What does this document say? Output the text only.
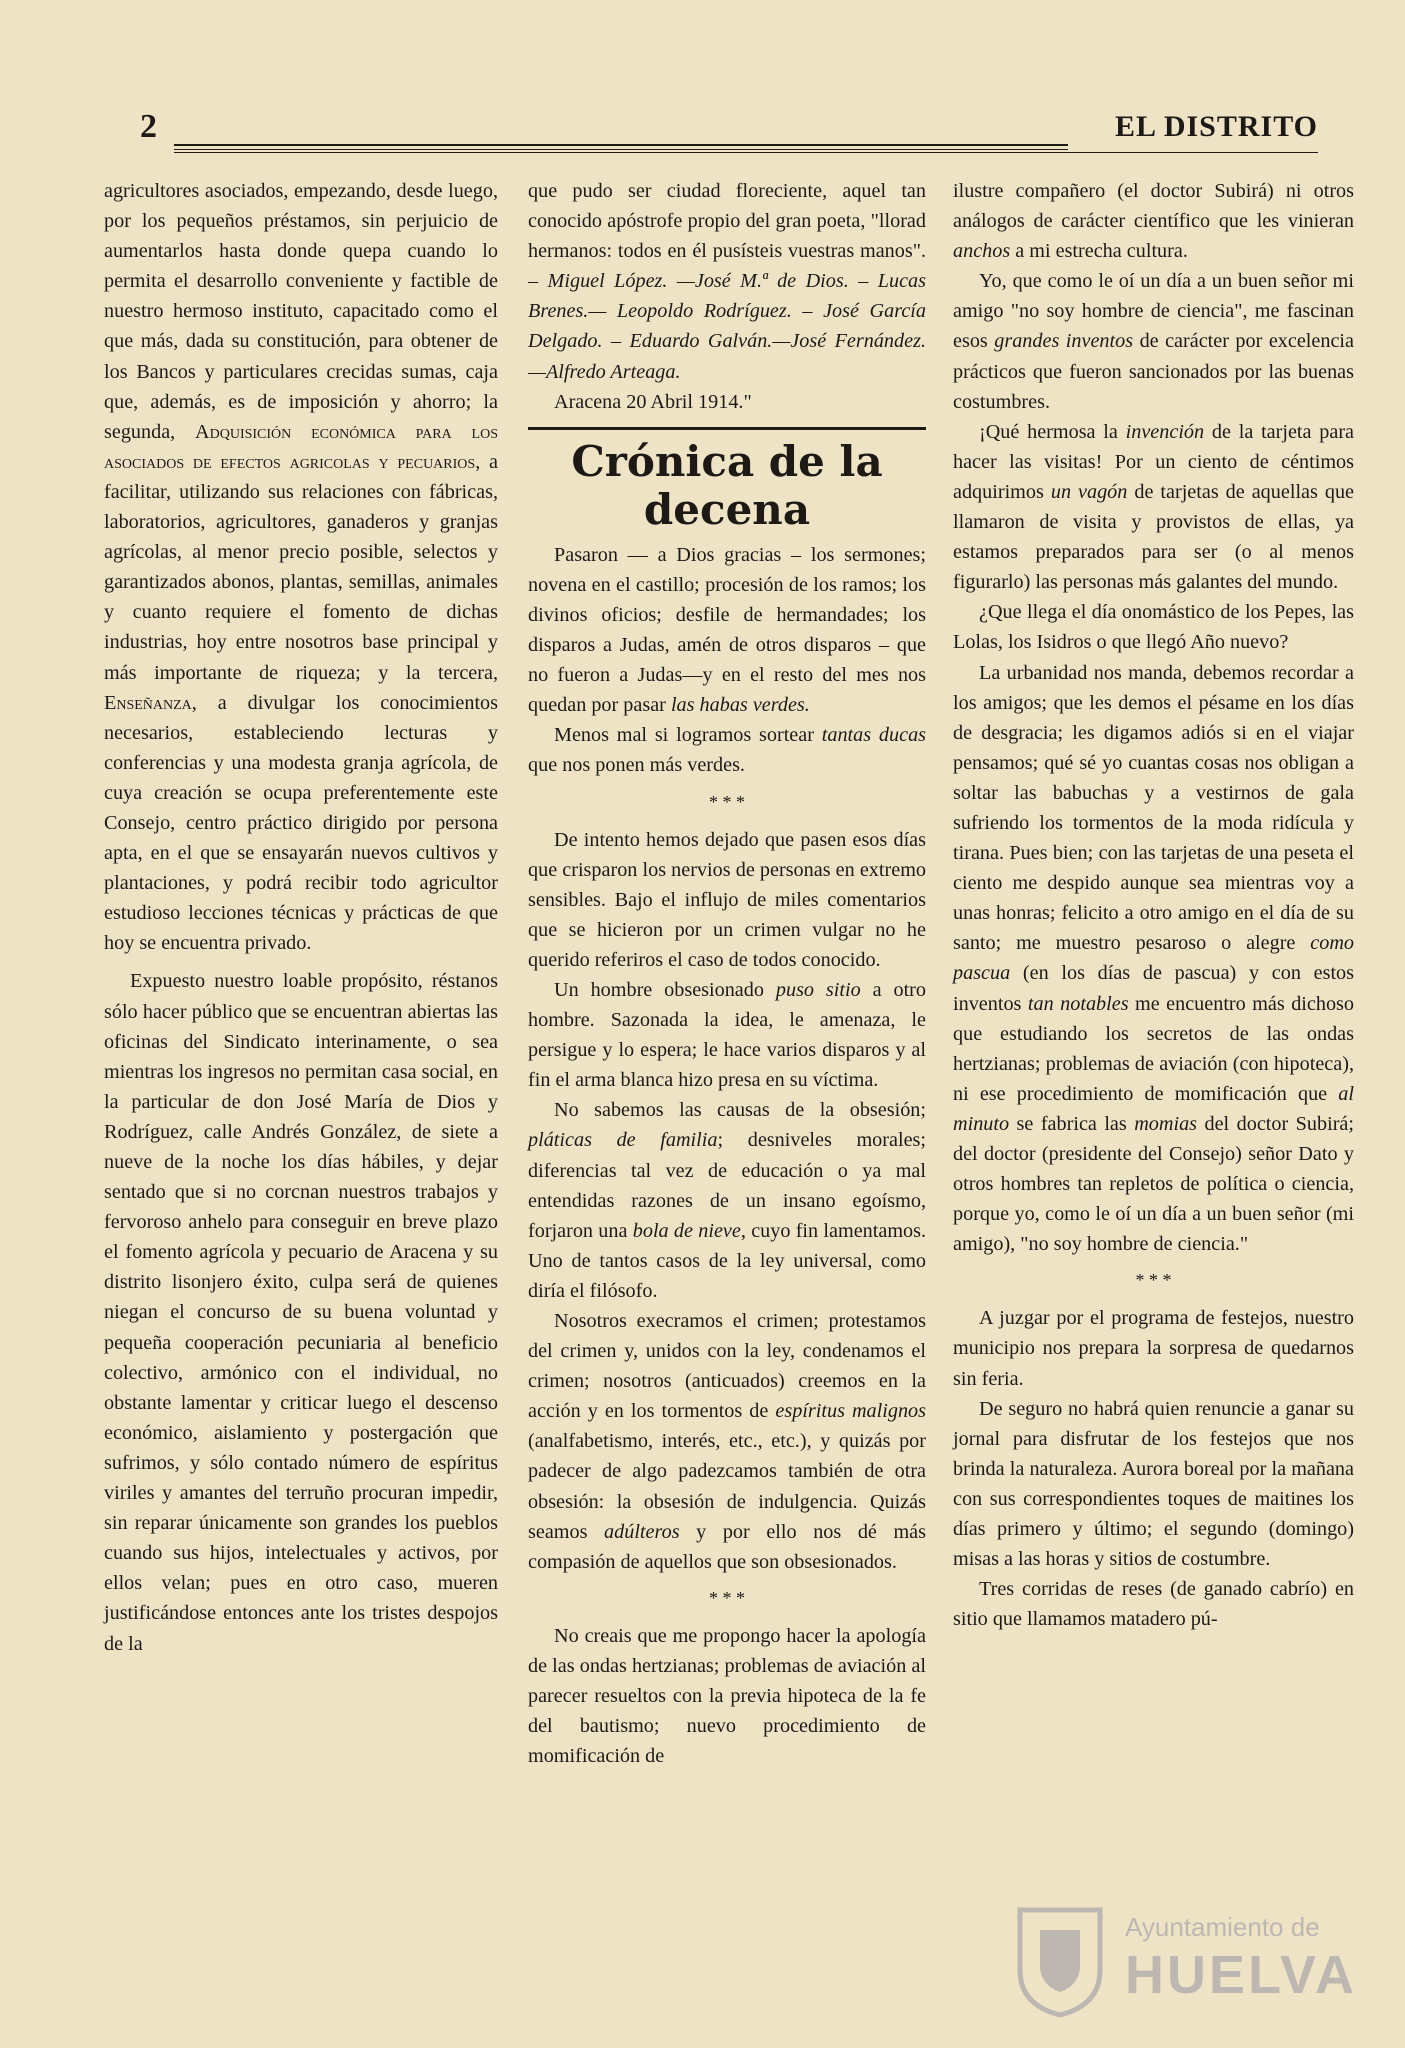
2	EL DISTRITO

agricultores asociados, empezando, desde luego, por los pequeños préstamos, sin perjuicio de aumentarlos hasta donde quepa cuando lo permita el desarrollo conveniente y factible de nuestro hermoso instituto, capacitado como el que más, dada su constitución, para obtener de los Bancos y particulares crecidas sumas, caja que, además, es de imposición y ahorro; la segunda, Adquisición económica para los asociados de efectos agricolas y pecuarios, a facilitar, utilizando sus relaciones con fábricas, laboratorios, agricultores, ganaderos y granjas agrícolas, al menor precio posible, selectos y garantizados abonos, plantas, semillas, animales y cuanto requiere el fomento de dichas industrias, hoy entre nosotros base principal y más importante de riqueza; y la tercera, Enseñanza, a divulgar los conocimientos necesarios, estableciendo lecturas y conferencias y una modesta granja agrícola, de cuya creación se ocupa preferentemente este Consejo, centro práctico dirigido por persona apta, en el que se ensayarán nuevos cultivos y plantaciones, y podrá recibir todo agricultor estudioso lecciones técnicas y prácticas de que hoy se encuentra privado.

Expuesto nuestro loable propósito, réstanos sólo hacer público que se encuentran abiertas las oficinas del Sindicato interinamente, o sea mientras los ingresos no permitan casa social, en la particular de don José María de Dios y Rodríguez, calle Andrés González, de siete a nueve de la noche los días hábiles, y dejar sentado que si no corcnan nuestros trabajos y fervoroso anhelo para conseguir en breve plazo el fomento agrícola y pecuario de Aracena y su distrito lisonjero éxito, culpa será de quienes niegan el concurso de su buena voluntad y pequeña cooperación pecuniaria al beneficio colectivo, armónico con el individual, no obstante lamentar y criticar luego el descenso económico, aislamiento y postergación que sufrimos, y sólo contado número de espíritus viriles y amantes del terruño procuran impedir, sin reparar únicamente son grandes los pueblos cuando sus hijos, intelectuales y activos, por ellos velan; pues en otro caso, mueren justificándose entonces ante los tristes despojos de la

que pudo ser ciudad floreciente, aquel tan conocido apóstrofe propio del gran poeta, "llorad hermanos: todos en él pusísteis vuestras manos". – Miguel López. —José M.ª de Dios. – Lucas Brenes.— Leopoldo Rodríguez. – José García Delgado. – Eduardo Galván.—José Fernández.—Alfredo Arteaga.

Aracena 20 Abril 1914."

Crónica de la decena

Pasaron — a Dios gracias – los sermones; novena en el castillo; procesión de los ramos; los divinos oficios; desfile de hermandades; los disparos a Judas, amén de otros disparos – que no fueron a Judas—y en el resto del mes nos quedan por pasar las habas verdes.

Menos mal si logramos sortear tantas ducas que nos ponen más verdes.

* * *

De intento hemos dejado que pasen esos días que crisparon los nervios de personas en extremo sensibles. Bajo el influjo de miles comentarios que se hicieron por un crimen vulgar no he querido referiros el caso de todos conocido.

Un hombre obsesionado puso sitio a otro hombre. Sazonada la idea, le amenaza, le persigue y lo espera; le hace varios disparos y al fin el arma blanca hizo presa en su víctima.

No sabemos las causas de la obsesión; pláticas de familia; desniveles morales; diferencias tal vez de educación o ya mal entendidas razones de un insano egoísmo, forjaron una bola de nieve, cuyo fin lamentamos. Uno de tantos casos de la ley universal, como diría el filósofo.

Nosotros execramos el crimen; protestamos del crimen y, unidos con la ley, condenamos el crimen; nosotros (anticuados) creemos en la acción y en los tormentos de espíritus malignos (analfabetismo, interés, etc., etc.), y quizás por padecer de algo padezcamos también de otra obsesión: la obsesión de indulgencia. Quizás seamos adúlteros y por ello nos dé más compasión de aquellos que son obsesionados.

* * *

No creais que me propongo hacer la apología de las ondas hertzianas; problemas de aviación al parecer resueltos con la previa hipoteca de la fe del bautismo; nuevo procedimiento de momificación de

ilustre compañero (el doctor Subirá) ni otros análogos de carácter científico que les vinieran anchos a mi estrecha cultura.

Yo, que como le oí un día a un buen señor mi amigo "no soy hombre de ciencia", me fascinan esos grandes inventos de carácter por excelencia prácticos que fueron sancionados por las buenas costumbres.

¡Qué hermosa la invención de la tarjeta para hacer las visitas! Por un ciento de céntimos adquirimos un vagón de tarjetas de aquellas que llamaron de visita y provistos de ellas, ya estamos preparados para ser (o al menos figurarlo) las personas más galantes del mundo.

¿Que llega el día onomástico de los Pepes, las Lolas, los Isidros o que llegó Año nuevo?

La urbanidad nos manda, debemos recordar a los amigos; que les demos el pésame en los días de desgracia; les digamos adiós si en el viajar pensamos; qué sé yo cuantas cosas nos obligan a soltar las babuchas y a vestirnos de gala sufriendo los tormentos de la moda ridícula y tirana. Pues bien; con las tarjetas de una peseta el ciento me despido aunque sea mientras voy a unas honras; felicito a otro amigo en el día de su santo; me muestro pesaroso o alegre como pascua (en los días de pascua) y con estos inventos tan notables me encuentro más dichoso que estudiando los secretos de las ondas hertzianas; problemas de aviación (con hipoteca), ni ese procedimiento de momificación que al minuto se fabrica las momias del doctor Subirá; del doctor (presidente del Consejo) señor Dato y otros hombres tan repletos de política o ciencia, porque yo, como le oí un día a un buen señor (mi amigo), "no soy hombre de ciencia."

* * *

A juzgar por el programa de festejos, nuestro municipio nos prepara la sorpresa de quedarnos sin feria.

De seguro no habrá quien renuncie a ganar su jornal para disfrutar de los festejos que nos brinda la naturaleza. Aurora boreal por la mañana con sus correspondientes toques de maitines los días primero y último; el segundo (domingo) misas a las horas y sitios de costumbre.

Tres corridas de reses (de ganado cabrío) en sitio que llamamos matadero pú-

Ayuntamiento de
HUELVA
